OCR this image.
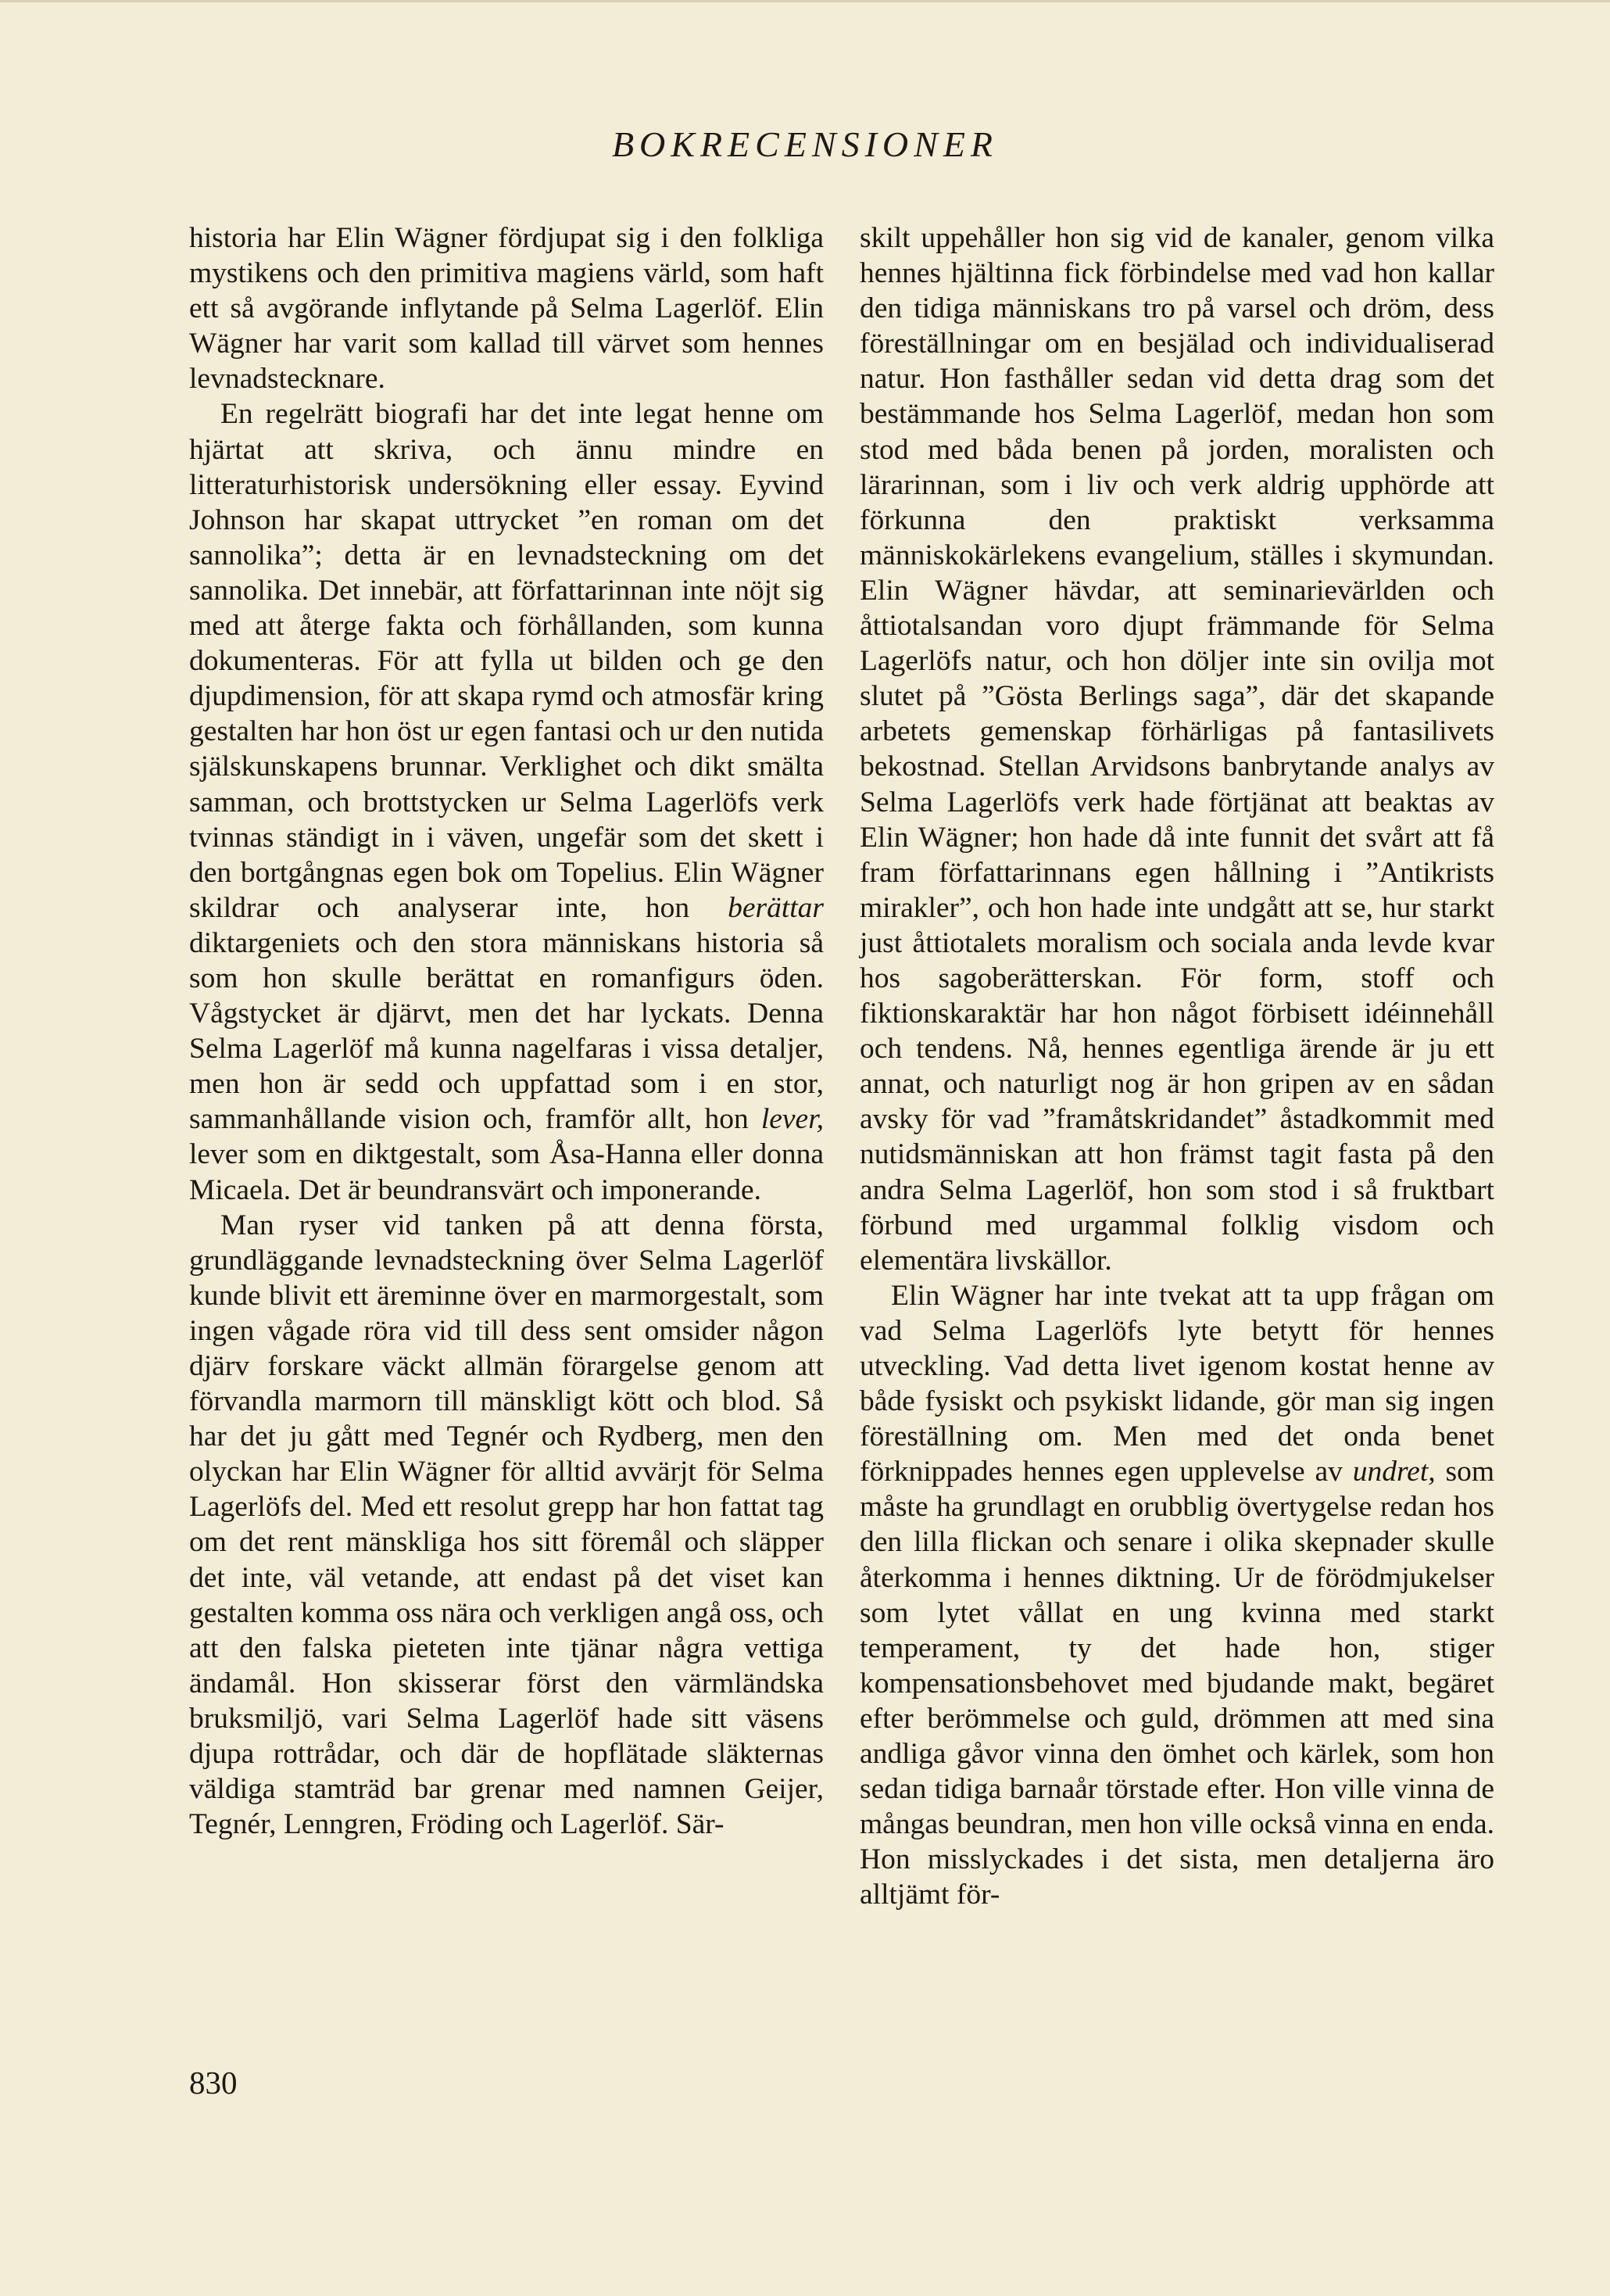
BOKRECENSIONER

historia har Elin Wägner fördjupat sig i den folkliga mystikens och den primitiva magiens värld, som haft ett så avgörande inflytande på Selma Lagerlöf. Elin Wägner har varit som kallad till värvet som hennes levnadstecknare.

En regelrätt biografi har det inte legat henne om hjärtat att skriva, och ännu mindre en litteraturhistorisk undersökning eller essay. Eyvind Johnson har skapat uttrycket ”en roman om det sannolika”; detta är en levnadsteckning om det sannolika. Det innebär, att författarinnan inte nöjt sig med att återge fakta och förhållanden, som kunna dokumenteras. För att fylla ut bilden och ge den djupdimension, för att skapa rymd och atmosfär kring gestalten har hon öst ur egen fantasi och ur den nutida själskunskapens brunnar. Verklighet och dikt smälta samman, och brottstycken ur Selma Lagerlöfs verk tvinnas ständigt in i väven, ungefär som det skett i den bortgångnas egen bok om Topelius. Elin Wägner skildrar och analyserar inte, hon berättar diktargeniets och den stora människans historia så som hon skulle berättat en romanfigurs öden. Vågstycket är djärvt, men det har lyckats. Denna Selma Lagerlöf må kunna nagelfaras i vissa detaljer, men hon är sedd och uppfattad som i en stor, sammanhållande vision och, framför allt, hon lever, lever som en diktgestalt, som Åsa-Hanna eller donna Micaela. Det är beundransvärt och imponerande.

Man ryser vid tanken på att denna första, grundläggande levnadsteckning över Selma Lagerlöf kunde blivit ett äreminne över en marmorgestalt, som ingen vågade röra vid till dess sent omsider någon djärv forskare väckt allmän förargelse genom att förvandla marmorn till mänskligt kött och blod. Så har det ju gått med Tegnér och Rydberg, men den olyckan har Elin Wägner för alltid avvärjt för Selma Lagerlöfs del. Med ett resolut grepp har hon fattat tag om det rent mänskliga hos sitt föremål och släpper det inte, väl vetande, att endast på det viset kan gestalten komma oss nära och verkligen angå oss, och att den falska pieteten inte tjänar några vettiga ändamål. Hon skisserar först den värmländska bruksmiljö, vari Selma Lagerlöf hade sitt väsens djupa rottrådar, och där de hopflätade släkternas väldiga stamträd bar grenar med namnen Geijer, Tegnér, Lenngren, Fröding och Lagerlöf. Sär-

skilt uppehåller hon sig vid de kanaler, genom vilka hennes hjältinna fick förbindelse med vad hon kallar den tidiga människans tro på varsel och dröm, dess föreställningar om en besjälad och individualiserad natur. Hon fasthåller sedan vid detta drag som det bestämmande hos Selma Lagerlöf, medan hon som stod med båda benen på jorden, moralisten och lärarinnan, som i liv och verk aldrig upphörde att förkunna den praktiskt verksamma människokärlekens evangelium, ställes i skymundan. Elin Wägner hävdar, att seminarievärlden och åttiotalsandan voro djupt främmande för Selma Lagerlöfs natur, och hon döljer inte sin ovilja mot slutet på ”Gösta Berlings saga”, där det skapande arbetets gemenskap förhärligas på fantasilivets bekostnad. Stellan Arvidsons banbrytande analys av Selma Lagerlöfs verk hade förtjänat att beaktas av Elin Wägner; hon hade då inte funnit det svårt att få fram författarinnans egen hållning i ”Antikrists mirakler”, och hon hade inte undgått att se, hur starkt just åttiotalets moralism och sociala anda levde kvar hos sagoberätterskan. För form, stoff och fiktionskaraktär har hon något förbisett idéinnehåll och tendens. Nå, hennes egentliga ärende är ju ett annat, och naturligt nog är hon gripen av en sådan avsky för vad ”framåtskridandet” åstadkommit med nutidsmänniskan att hon främst tagit fasta på den andra Selma Lagerlöf, hon som stod i så fruktbart förbund med urgammal folklig visdom och elementära livskällor.

Elin Wägner har inte tvekat att ta upp frågan om vad Selma Lagerlöfs lyte betytt för hennes utveckling. Vad detta livet igenom kostat henne av både fysiskt och psykiskt lidande, gör man sig ingen föreställning om. Men med det onda benet förknippades hennes egen upplevelse av undret, som måste ha grundlagt en orubblig övertygelse redan hos den lilla flickan och senare i olika skepnader skulle återkomma i hennes diktning. Ur de förödmjukelser som lytet vållat en ung kvinna med starkt temperament, ty det hade hon, stiger kompensationsbehovet med bjudande makt, begäret efter berömmelse och guld, drömmen att med sina andliga gåvor vinna den ömhet och kärlek, som hon sedan tidiga barnaår törstade efter. Hon ville vinna de mångas beundran, men hon ville också vinna en enda. Hon misslyckades i det sista, men detaljerna äro alltjämt för-

830
